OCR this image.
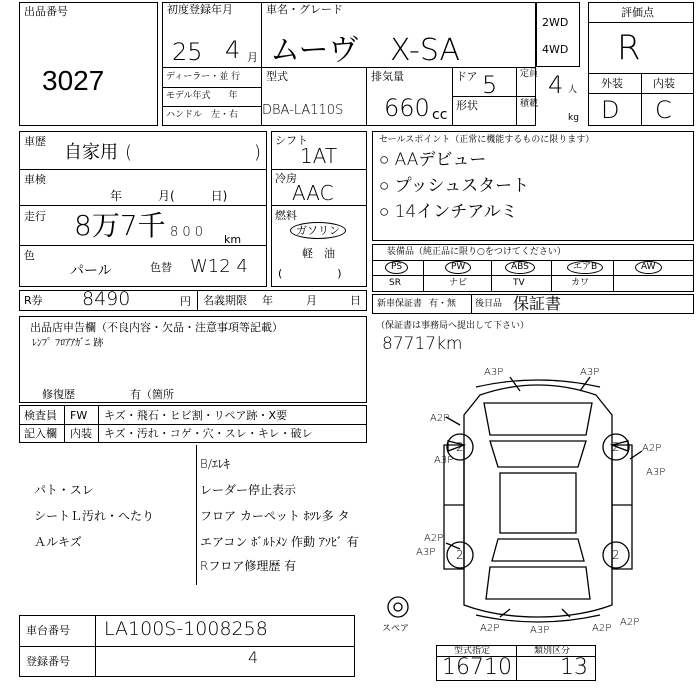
出品番号
3027
初度登録年月
25 4 月
車名・グレード
ムーヴ X-SA
2WD
4WD
評価点
R
外装	内装
D C
ディーラー・並 行
モデル年式　　年
ハンドル　左・右
型式
DBA-LA110S
排気量
660 cc
ドア 5	定員 4 人
形状	積載
kg
車歴
自家用 (	)
車検
年　　　月(　　　日)
走行 8万7千 8 0 0 km
色
パール	色替 W12 4
R券 8490	円 名義期限 年　　　月　　　日
シフト
1AT
冷房
AAC
燃料
ガソリン
軽　油
(　　　　　)
セールスポイント（正常に機能するものに限ります）
○ AAデビュー
○ プッシュスタート
○ 14インチアルミ
装備品（純正品に限り○をつけてください）
PS	PW	ABS	エアB	AW
SR	ナビ	TV	カワ
新車保証書 有・無 後日品 保証書
（保証書は事務局へ提出して下さい）
87717km
出品店申告欄（不良内容・欠品・注意事項等記載）
ﾚﾝﾌﾟ ﾌﾛｱｱｶﾞﾆ 跡
修復歴	有（箇所
検査員
記入欄
FW キズ・飛石・ヒビ割・リペア跡・X要
内装 キズ・汚れ・コゲ・穴・スレ・キレ・破レ
パト・スレ
シートＬ汚れ・へたり
Ａルキズ
B/ｴﾚｷ
レーダー停止表示
フロア カーペット ﾎﾂﾚ多 タ
エアコン ﾎﾞﾙﾄﾒﾝ 作動 ｱｿﾋﾞ 有
Rフロア修理歴 有
A3P	A3P
A2P
A2P
A3P
A3P
A2P
A3P
A2P	A2P
A3P
A2P
2	2
2	2
スペア
車台番号 LA100S-1008258
登録番号	4	型式指定	類別区分
16710 13
